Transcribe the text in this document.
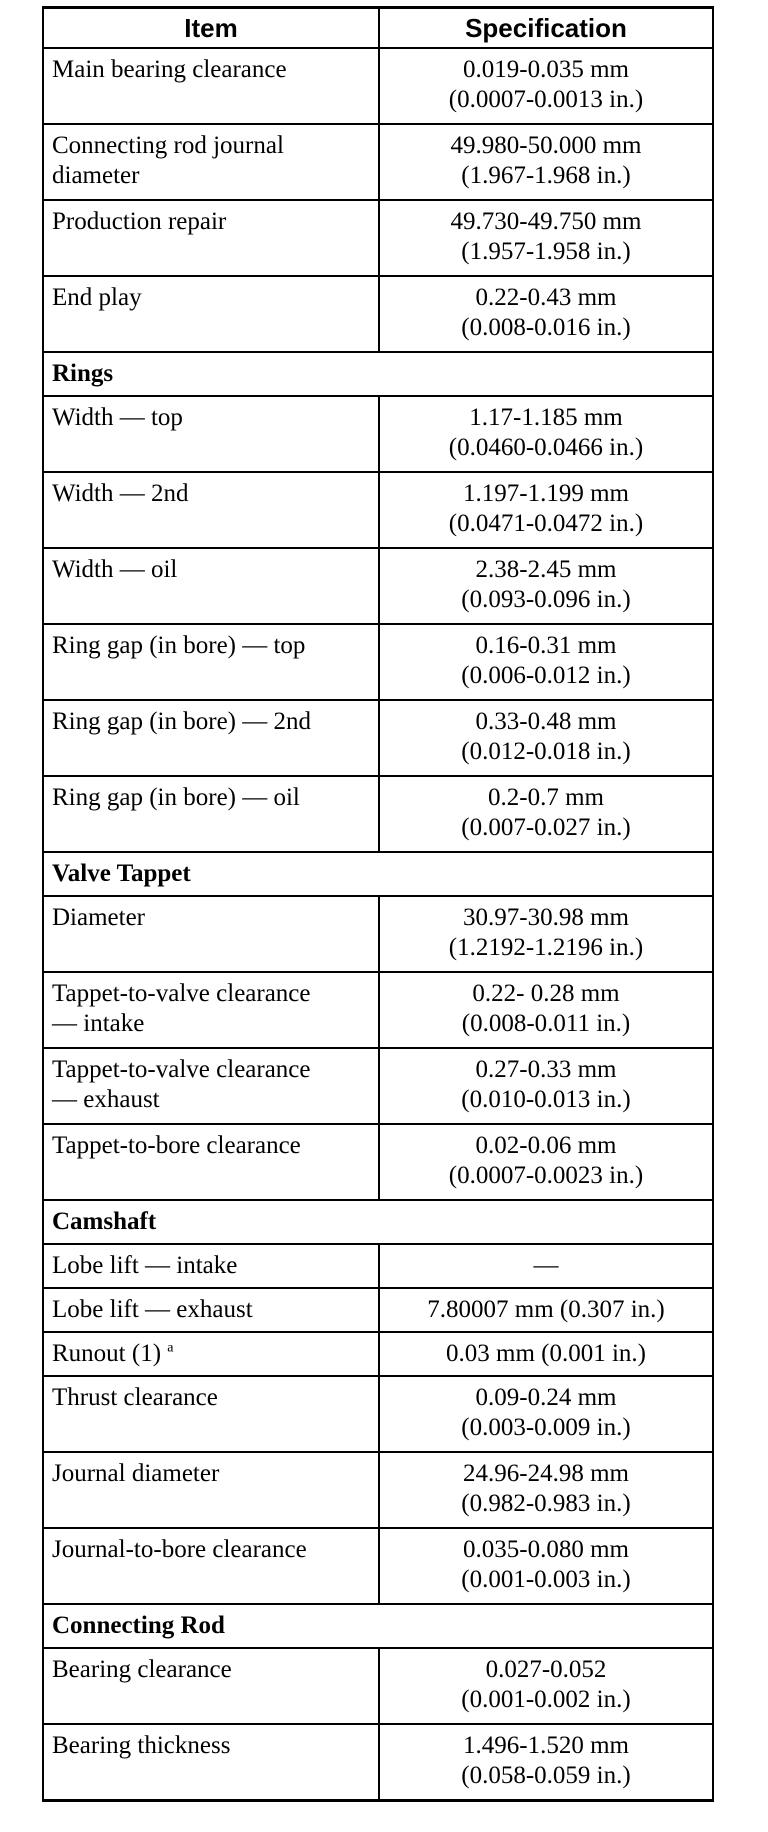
Item	Specification

Main bearing clearance	0.019-0.035 mm
(0.0007-0.0013 in.)

Connecting rod journal
diameter	49.980-50.000 mm
(1.967-1.968 in.)

Production repair	49.730-49.750 mm
(1.957-1.958 in.)

End play	0.22-0.43 mm
(0.008-0.016 in.)

Rings	

Width — top	1.17-1.185 mm
(0.0460-0.0466 in.)

Width — 2nd	1.197-1.199 mm
(0.0471-0.0472 in.)

Width — oil	2.38-2.45 mm
(0.093-0.096 in.)

Ring gap (in bore) — top	0.16-0.31 mm
(0.006-0.012 in.)

Ring gap (in bore) — 2nd	0.33-0.48 mm
(0.012-0.018 in.)

Ring gap (in bore) — oil	0.2-0.7 mm
(0.007-0.027 in.)

Valve Tappet	

Diameter	30.97-30.98 mm
(1.2192-1.2196 in.)

Tappet-to-valve clearance
— intake	0.22- 0.28 mm
(0.008-0.011 in.)

Tappet-to-valve clearance
— exhaust	0.27-0.33 mm
(0.010-0.013 in.)

Tappet-to-bore clearance	0.02-0.06 mm
(0.0007-0.0023 in.)

Camshaft	

Lobe lift — intake	—

Lobe lift — exhaust	7.80007 mm (0.307 in.)

Runout (1) $^a$	0.03 mm (0.001 in.)

Thrust clearance	0.09-0.24 mm
(0.003-0.009 in.)

Journal diameter	24.96-24.98 mm
(0.982-0.983 in.)

Journal-to-bore clearance	0.035-0.080 mm
(0.001-0.003 in.)

Connecting Rod	

Bearing clearance	0.027-0.052
(0.001-0.002 in.)

Bearing thickness	1.496-1.520 mm
(0.058-0.059 in.)
